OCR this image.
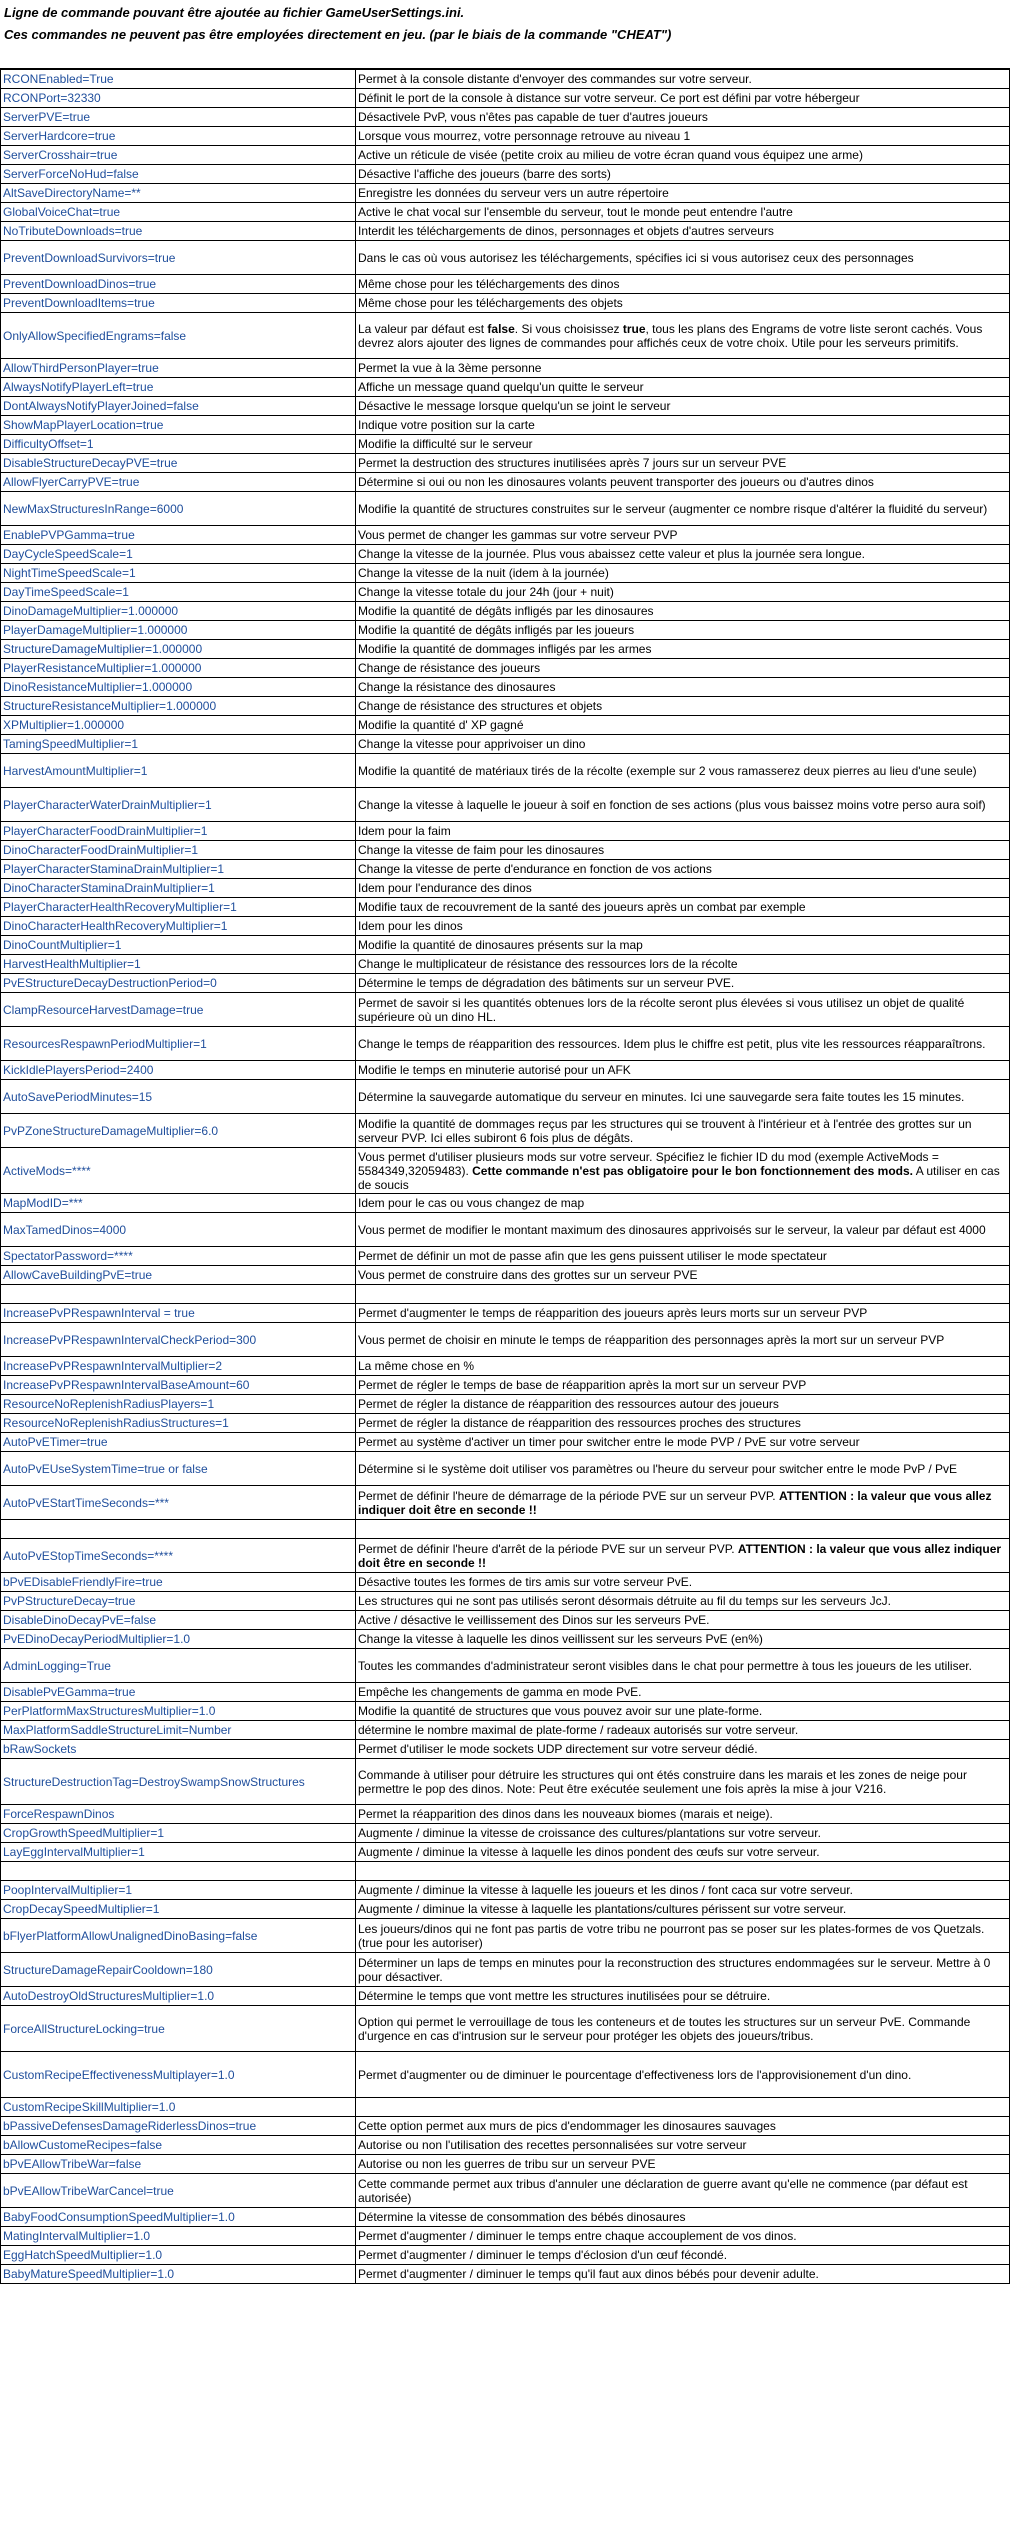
Ligne de commande pouvant être ajoutée au fichier GameUserSettings.ini.
Ces commandes ne peuvent pas être employées directement en jeu. (par le biais de la commande "CHEAT")
RCONEnabled=True	Permet à la console distante d'envoyer des commandes sur votre serveur.
RCONPort=32330	Définit le port de la console à distance sur votre serveur. Ce port est défini par votre hébergeur
ServerPVE=true	Désactivele PvP, vous n'êtes pas capable de tuer d'autres joueurs
ServerHardcore=true	Lorsque vous mourrez, votre personnage retrouve au niveau 1
ServerCrosshair=true	Active un réticule de visée (petite croix au milieu de votre écran quand vous équipez une arme)
ServerForceNoHud=false	Désactive l'affiche des joueurs (barre des sorts)
AltSaveDirectoryName=**	Enregistre les données du serveur vers un autre répertoire
GlobalVoiceChat=true	Active le chat vocal sur l'ensemble du serveur, tout le monde peut entendre l'autre
NoTributeDownloads=true	Interdit les téléchargements de dinos, personnages et objets d'autres serveurs
PreventDownloadSurvivors=true	Dans le cas où vous autorisez les téléchargements, spécifies ici si vous autorisez ceux des personnages
PreventDownloadDinos=true	Même chose pour les téléchargements des dinos
PreventDownloadItems=true	Même chose pour les téléchargements des objets
OnlyAllowSpecifiedEngrams=false	La valeur par défaut est false. Si vous choisissez true, tous les plans des Engrams de votre liste seront cachés. Vous devrez alors ajouter des lignes de commandes pour affichés ceux de votre choix. Utile pour les serveurs primitifs.
AllowThirdPersonPlayer=true	Permet la vue à la 3ème personne
AlwaysNotifyPlayerLeft=true	Affiche un message quand quelqu'un quitte le serveur
DontAlwaysNotifyPlayerJoined=false	Désactive le message lorsque quelqu'un se joint le serveur
ShowMapPlayerLocation=true	Indique votre position sur la carte
DifficultyOffset=1	Modifie la difficulté sur le serveur
DisableStructureDecayPVE=true	Permet la destruction des structures inutilisées après 7 jours sur un serveur PVE
AllowFlyerCarryPVE=true	Détermine si oui ou non les dinosaures volants peuvent transporter des joueurs ou d'autres dinos
NewMaxStructuresInRange=6000	Modifie la quantité de structures construites sur le serveur (augmenter ce nombre risque d'altérer la fluidité du serveur)
EnablePVPGamma=true	Vous permet de changer les gammas sur votre serveur PVP
DayCycleSpeedScale=1	Change la vitesse de la journée. Plus vous abaissez cette valeur et plus la journée sera longue.
NightTimeSpeedScale=1	Change la vitesse de la nuit (idem à la journée)
DayTimeSpeedScale=1	Change la vitesse totale du jour 24h (jour + nuit)
DinoDamageMultiplier=1.000000	Modifie la quantité de dégâts infligés par les dinosaures
PlayerDamageMultiplier=1.000000	Modifie la quantité de dégâts infligés par les joueurs
StructureDamageMultiplier=1.000000	Modifie la quantité de dommages infligés par les armes
PlayerResistanceMultiplier=1.000000	Change de résistance des joueurs
DinoResistanceMultiplier=1.000000	Change la résistance des dinosaures
StructureResistanceMultiplier=1.000000	Change de résistance des structures et objets
XPMultiplier=1.000000	Modifie la quantité d' XP gagné
TamingSpeedMultiplier=1	Change la vitesse pour apprivoiser un dino
HarvestAmountMultiplier=1	Modifie la quantité de matériaux tirés de la récolte (exemple sur 2 vous ramasserez deux pierres au lieu d'une seule)
PlayerCharacterWaterDrainMultiplier=1	Change la vitesse à laquelle le joueur à soif en fonction de ses actions (plus vous baissez moins votre perso aura soif)
PlayerCharacterFoodDrainMultiplier=1	Idem pour la faim
DinoCharacterFoodDrainMultiplier=1	Change la vitesse de faim pour les dinosaures
PlayerCharacterStaminaDrainMultiplier=1	Change la vitesse de perte d'endurance en fonction de vos actions
DinoCharacterStaminaDrainMultiplier=1	Idem pour l'endurance des dinos
PlayerCharacterHealthRecoveryMultiplier=1	Modifie taux de recouvrement de la santé des joueurs après un combat par exemple
DinoCharacterHealthRecoveryMultiplier=1	Idem pour les dinos
DinoCountMultiplier=1	Modifie la quantité de dinosaures présents sur la map
HarvestHealthMultiplier=1	Change le multiplicateur de résistance des ressources lors de la récolte
PvEStructureDecayDestructionPeriod=0	Détermine le temps de dégradation des bâtiments sur un serveur PVE.
ClampResourceHarvestDamage=true	Permet de savoir si les quantités obtenues lors de la récolte seront plus élevées si vous utilisez un objet de qualité supérieure où un dino HL.
ResourcesRespawnPeriodMultiplier=1	Change le temps de réapparition des ressources. Idem plus le chiffre est petit, plus vite les ressources réapparaîtrons.
KickIdlePlayersPeriod=2400	Modifie le temps en minuterie autorisé pour un AFK
AutoSavePeriodMinutes=15	Détermine la sauvegarde automatique du serveur en minutes. Ici une sauvegarde sera faite toutes les 15 minutes.
PvPZoneStructureDamageMultiplier=6.0	Modifie la quantité de dommages reçus par les structures qui se trouvent à l'intérieur et à l'entrée des grottes sur un serveur PVP. Ici elles subiront 6 fois plus de dégâts.
ActiveMods=****	Vous permet d'utiliser plusieurs mods sur votre serveur. Spécifiez le fichier ID du mod (exemple ActiveMods = 5584349,32059483). Cette commande n'est pas obligatoire pour le bon fonctionnement des mods. A utiliser en cas de soucis
MapModID=***	Idem pour le cas ou vous changez de map
MaxTamedDinos=4000	Vous permet de modifier le montant maximum des dinosaures apprivoisés sur le serveur, la valeur par défaut est 4000
SpectatorPassword=****	Permet de définir un mot de passe afin que les gens puissent utiliser le mode spectateur
AllowCaveBuildingPvE=true	Vous permet de construire dans des grottes sur un serveur PVE

IncreasePvPRespawnInterval = true	Permet d'augmenter le temps de réapparition des joueurs après leurs morts sur un serveur PVP
IncreasePvPRespawnIntervalCheckPeriod=300	Vous permet de choisir en minute le temps de réapparition des personnages après la mort sur un serveur PVP
IncreasePvPRespawnIntervalMultiplier=2	La même chose en %
IncreasePvPRespawnIntervalBaseAmount=60	Permet de régler le temps de base de réapparition après la mort sur un serveur PVP
ResourceNoReplenishRadiusPlayers=1	Permet de régler la distance de réapparition des ressources autour des joueurs
ResourceNoReplenishRadiusStructures=1	Permet de régler la distance de réapparition des ressources proches des structures
AutoPvETimer=true	Permet au système d'activer un timer pour switcher entre le mode PVP / PvE sur votre serveur
AutoPvEUseSystemTime=true or false	Détermine si le système doit utiliser vos paramètres ou l'heure du serveur pour switcher entre le mode PvP / PvE
AutoPvEStartTimeSeconds=***	Permet de définir l'heure de démarrage de la période PVE sur un serveur PVP. ATTENTION : la valeur que vous allez indiquer doit être en seconde !!

AutoPvEStopTimeSeconds=****	Permet de définir l'heure d'arrêt de la période PVE sur un serveur PVP. ATTENTION : la valeur que vous allez indiquer doit être en seconde !!
bPvEDisableFriendlyFire=true	Désactive toutes les formes de tirs amis sur votre serveur PvE.
PvPStructureDecay=true	Les structures qui ne sont pas utilisés seront désormais détruite au fil du temps sur les serveurs JcJ.
DisableDinoDecayPvE=false	Active / désactive le veillissement des Dinos sur les serveurs PvE.
PvEDinoDecayPeriodMultiplier=1.0	Change la vitesse à laquelle les dinos veillissent sur les serveurs PvE (en%)
AdminLogging=True	Toutes les commandes d'administrateur seront visibles dans le chat pour permettre à tous les joueurs de les utiliser.
DisablePvEGamma=true	Empêche les changements de gamma en mode PvE.
PerPlatformMaxStructuresMultiplier=1.0	Modifie la quantité de structures que vous pouvez avoir sur une plate-forme.
MaxPlatformSaddleStructureLimit=Number	détermine le nombre maximal de plate-forme / radeaux autorisés sur votre serveur.
bRawSockets	Permet d'utiliser le mode sockets UDP directement sur votre serveur dédié.
StructureDestructionTag=DestroySwampSnowStructures	Commande à utiliser pour détruire les structures qui ont étés construire dans les marais et les zones de neige pour permettre le pop des dinos. Note: Peut être exécutée seulement une fois après la mise à jour V216.
ForceRespawnDinos	Permet la réapparition des dinos dans les nouveaux biomes (marais et neige).
CropGrowthSpeedMultiplier=1	Augmente / diminue la vitesse de croissance des cultures/plantations sur votre serveur.
LayEggIntervalMultiplier=1	Augmente / diminue la vitesse à laquelle les dinos pondent des œufs sur votre serveur.

PoopIntervalMultiplier=1	Augmente / diminue la vitesse à laquelle les joueurs et les dinos / font caca sur votre serveur.
CropDecaySpeedMultiplier=1	Augmente / diminue la vitesse à laquelle les plantations/cultures périssent sur votre serveur.
bFlyerPlatformAllowUnalignedDinoBasing=false	Les joueurs/dinos qui ne font pas partis de votre tribu ne pourront pas se poser sur les plates-formes de vos Quetzals. (true pour les autoriser)
StructureDamageRepairCooldown=180	Déterminer un laps de temps en minutes pour la reconstruction des structures endommagées sur le serveur. Mettre à 0 pour désactiver.
AutoDestroyOldStructuresMultiplier=1.0	Détermine le temps que vont mettre les structures inutilisées pour se détruire.
ForceAllStructureLocking=true	Option qui permet le verrouillage de tous les conteneurs et de toutes les structures sur un serveur PvE. Commande d'urgence en cas d'intrusion sur le serveur pour protéger les objets des joueurs/tribus.
CustomRecipeEffectivenessMultiplayer=1.0	Permet d'augmenter ou de diminuer le pourcentage d'effectiveness lors de l'approvisionement d'un dino.
CustomRecipeSkillMultiplier=1.0	
bPassiveDefensesDamageRiderlessDinos=true	Cette option permet aux murs de pics d'endommager les dinosaures sauvages
bAllowCustomeRecipes=false	Autorise ou non l'utilisation des recettes personnalisées sur votre serveur
bPvEAllowTribeWar=false	Autorise ou non les guerres de tribu sur un serveur PVE
bPvEAllowTribeWarCancel=true	Cette commande permet aux tribus d'annuler une déclaration de guerre avant qu'elle ne commence (par défaut est autorisée)
BabyFoodConsumptionSpeedMultiplier=1.0	Détermine la vitesse de consommation des bébés dinosaures
MatingIntervalMultiplier=1.0	Permet d'augmenter / diminuer le temps entre chaque accouplement de vos dinos.
EggHatchSpeedMultiplier=1.0	Permet d'augmenter / diminuer le temps d'éclosion d'un œuf fécondé.
BabyMatureSpeedMultiplier=1.0	Permet d'augmenter / diminuer le temps qu'il faut aux dinos bébés pour devenir adulte.
